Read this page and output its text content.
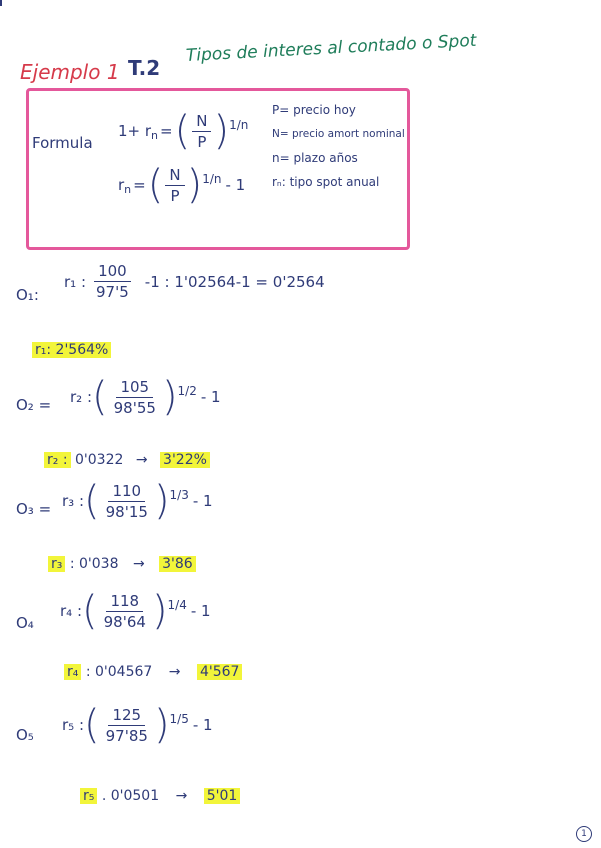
Ejemplo 1 T.2
Tipos de interes al contado o Spot
Formula
1+ r n = ( $\frac{N}{P}$ ) 1/n
r n = ( $\frac{N}{P}$ ) 1/n - 1
P= precio hoy
N= precio amort nominal
n= plazo años
rₙ: tipo spot anual
O₁:
r₁ : $\frac{100}{97'5} -1$ : 1'02564-1 = 0'2564
r₁: 2'564%
O₂ = r₂ : ( $\frac{105}{98'55}$ ) 1/2 - 1
r₂ : 0'0322 → 3'22%
O₃ = r₃ : ( $\frac{110}{98'15}$ ) 1/3 - 1
r₃ : 0'038 → 3'86
O₄
r₄ : ( $\frac{118}{98'64}$ ) 1/4 - 1
r₄ : 0'04567 → 4'567
O₅
r₅ : ( $\frac{125}{97'85}$ ) 1/5 - 1
r₅ . 0'0501 → 5'01
1
